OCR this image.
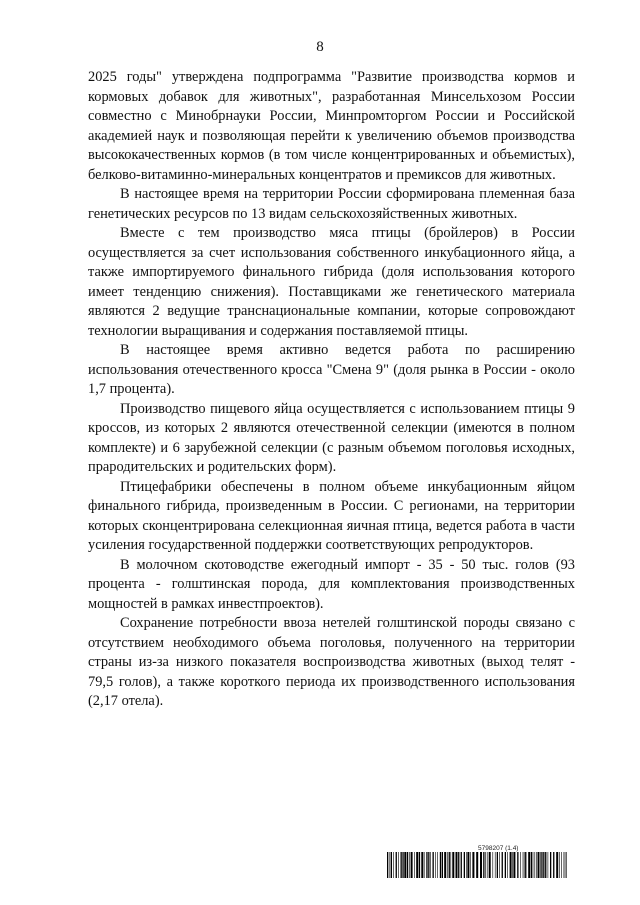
8

2025 годы" утверждена подпрограмма "Развитие производства кормов и кормовых добавок для животных", разработанная Минсельхозом России совместно с Минобрнауки России, Минпромторгом России и Российской академией наук и позволяющая перейти к увеличению объемов производства высококачественных кормов (в том числе концентрированных и объемистых), белково-витаминно-минеральных концентратов и премиксов для животных.

В настоящее время на территории России сформирована племенная база генетических ресурсов по 13 видам сельскохозяйственных животных.

Вместе с тем производство мяса птицы (бройлеров) в России осуществляется за счет использования собственного инкубационного яйца, а также импортируемого финального гибрида (доля использования которого имеет тенденцию снижения). Поставщиками же генетического материала являются 2 ведущие транснациональные компании, которые сопровождают технологии выращивания и содержания поставляемой птицы.

В настоящее время активно ведется работа по расширению использования отечественного кросса "Смена 9" (доля рынка в России - около 1,7 процента).

Производство пищевого яйца осуществляется с использованием птицы 9 кроссов, из которых 2 являются отечественной селекции (имеются в полном комплекте) и 6 зарубежной селекции (с разным объемом поголовья исходных, прародительских и родительских форм).

Птицефабрики обеспечены в полном объеме инкубационным яйцом финального гибрида, произведенным в России. С регионами, на территории которых сконцентрирована селекционная яичная птица, ведется работа в части усиления государственной поддержки соответствующих репродукторов.

В молочном скотоводстве ежегодный импорт - 35 - 50 тыс. голов (93 процента - голштинская порода, для комплектования производственных мощностей в рамках инвестпроектов).

Сохранение потребности ввоза нетелей голштинской породы связано с отсутствием необходимого объема поголовья, полученного на территории страны из-за низкого показателя воспроизводства животных (выход телят - 79,5 голов), а также короткого периода их производственного использования (2,17 отела).

5798207 (1.4)
